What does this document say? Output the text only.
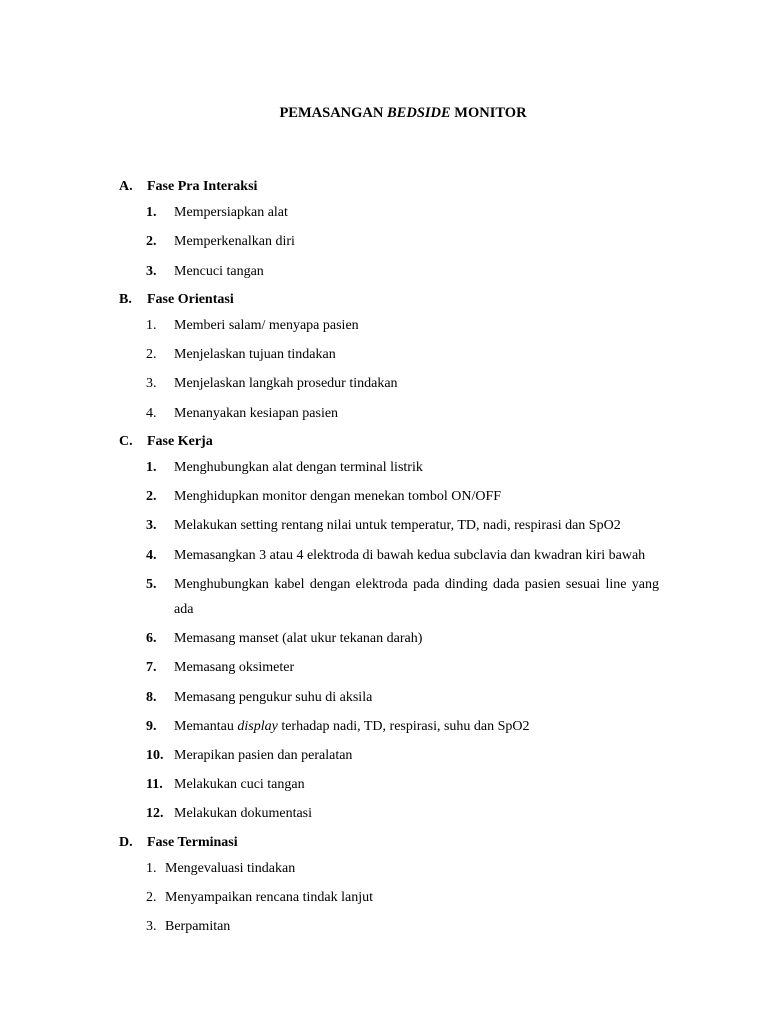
PEMASANGAN BEDSIDE MONITOR
A.	Fase Pra Interaksi
1. Mempersiapkan alat
2. Memperkenalkan diri
3. Mencuci tangan
B.	Fase Orientasi
1. Memberi salam/ menyapa pasien
2. Menjelaskan tujuan tindakan
3. Menjelaskan langkah prosedur tindakan
4. Menanyakan kesiapan pasien
C.	Fase Kerja
1. Menghubungkan alat dengan terminal listrik
2. Menghidupkan monitor dengan menekan tombol ON/OFF
3. Melakukan setting rentang nilai untuk temperatur, TD, nadi, respirasi dan SpO2
4. Memasangkan 3 atau 4 elektroda di bawah kedua subclavia dan kwadran kiri bawah
5. Menghubungkan kabel dengan elektroda pada dinding dada pasien sesuai line yang ada
6. Memasang manset (alat ukur tekanan darah)
7. Memasang oksimeter
8. Memasang pengukur suhu di aksila
9. Memantau display terhadap nadi, TD, respirasi, suhu dan SpO2
10. Merapikan pasien dan peralatan
11. Melakukan cuci tangan
12. Melakukan dokumentasi
D.	Fase Terminasi
1. Mengevaluasi tindakan
2. Menyampaikan rencana tindak lanjut
3. Berpamitan
